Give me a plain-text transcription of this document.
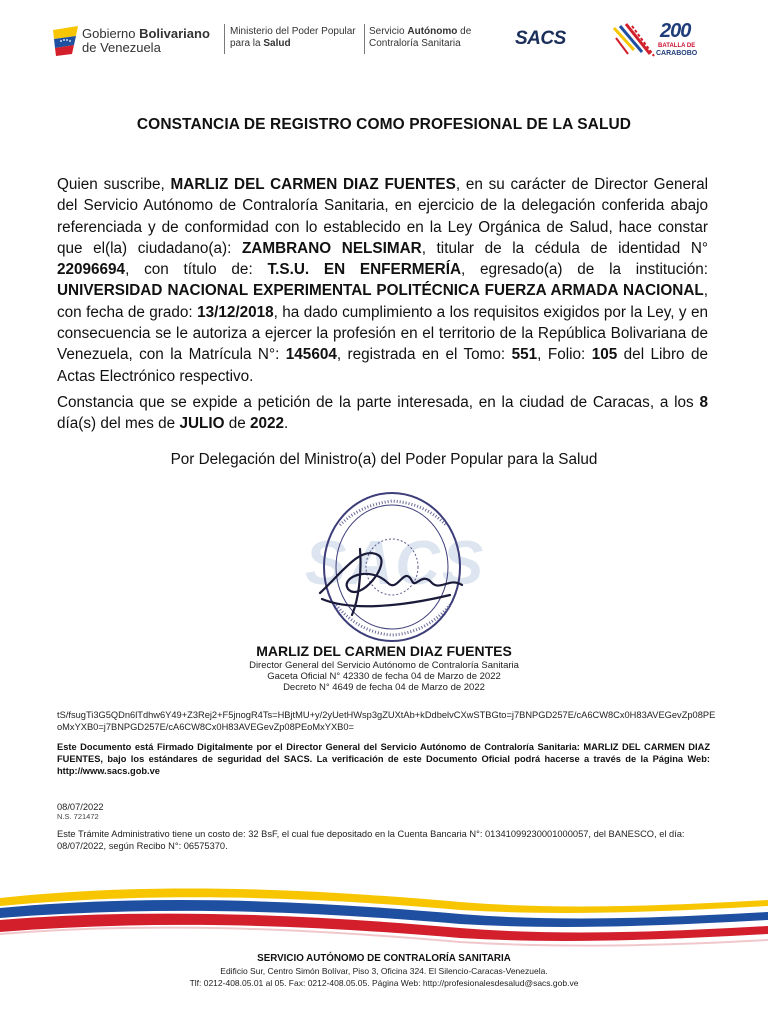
Gobierno Bolivariano
de Venezuela
Ministerio del Poder Popular
para la Salud
Servicio Autónomo de
Contraloría Sanitaria	SACS	200
BATALLA DE
CARABOBO
CONSTANCIA DE REGISTRO COMO PROFESIONAL DE LA SALUD
Quien suscribe, MARLIZ DEL CARMEN DIAZ FUENTES, en su carácter de Director General del Servicio Autónomo de Contraloría Sanitaria, en ejercicio de la delegación conferida abajo referenciada y de conformidad con lo establecido en la Ley Orgánica de Salud, hace constar que el(la) ciudadano(a): ZAMBRANO NELSIMAR, titular de la cédula de identidad N° 22096694, con título de: T.S.U. EN ENFERMERÍA, egresado(a) de la institución: UNIVERSIDAD NACIONAL EXPERIMENTAL POLITÉCNICA FUERZA ARMADA NACIONAL, con fecha de grado: 13/12/2018, ha dado cumplimiento a los requisitos exigidos por la Ley, y en consecuencia se le autoriza a ejercer la profesión en el territorio de la República Bolivariana de Venezuela, con la Matrícula N°: 145604, registrada en el Tomo: 551, Folio: 105 del Libro de Actas Electrónico respectivo.
Constancia que se expide a petición de la parte interesada, en la ciudad de Caracas, a los 8 día(s) del mes de JULIO de 2022.
Por Delegación del Ministro(a) del Poder Popular para la Salud
SACS
MARLIZ DEL CARMEN DIAZ FUENTES
Director General del Servicio Autónomo de Contraloría Sanitaria
Gaceta Oficial N° 42330 de fecha 04 de Marzo de 2022
Decreto N° 4649 de fecha 04 de Marzo de 2022
tS/fsugTi3G5QDn6lTdhw6Y49+Z3Rej2+F5jnogR4Ts=HBjtMU+y/2yUetHWsp3gZUXtAb+kDdbelvCXwSTBGto=j7BNPGD257E/cA6CW8Cx0H83AVEGevZp08PEoMxYXB0=j7BNPGD257E/cA6CW8Cx0H83AVEGevZp08PEoMxYXB0=
Este Documento está Firmado Digitalmente por el Director General del Servicio Autónomo de Contraloría Sanitaria: MARLIZ DEL CARMEN DIAZ FUENTES, bajo los estándares de seguridad del SACS. La verificación de este Documento Oficial podrá hacerse a través de la Página Web: http://www.sacs.gob.ve
08/07/2022
N.S. 721472
Este Trámite Administrativo tiene un costo de: 32 BsF, el cual fue depositado en la Cuenta Bancaria N°: 01341099230001000057, del BANESCO, el día: 08/07/2022, según Recibo N°: 06575370.
SERVICIO AUTÓNOMO DE CONTRALORÍA SANITARIA
Edificio Sur, Centro Simón Bolívar, Piso 3, Oficina 324. El Silencio-Caracas-Venezuela.
Tlf: 0212-408.05.01 al 05. Fax: 0212-408.05.05. Página Web: http://profesionalesdesalud@sacs.gob.ve
